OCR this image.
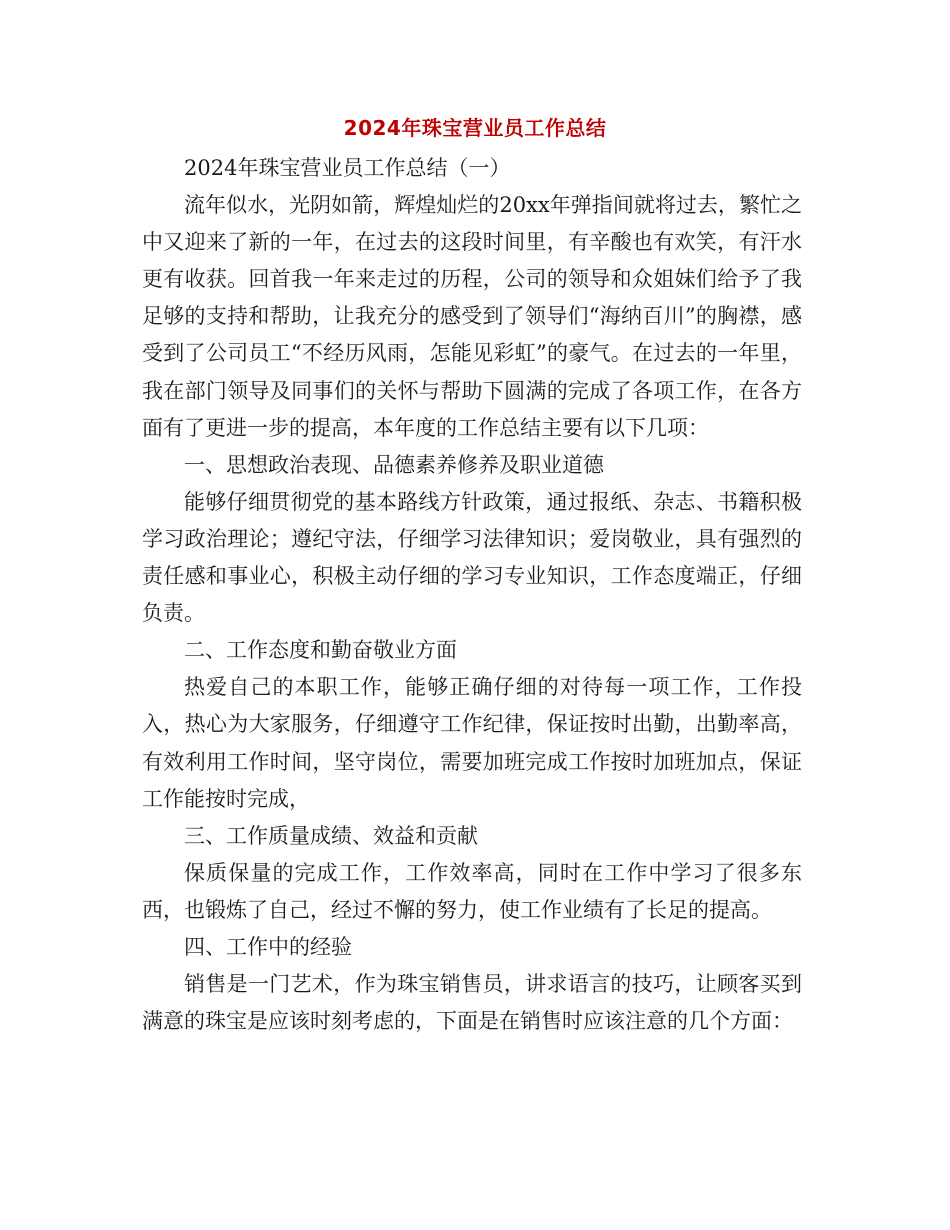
2024年珠宝营业员工作总结

2024年珠宝营业员工作总结（一）

流年似水，光阴如箭，辉煌灿烂的20xx年弹指间就将过去，繁忙之中又迎来了新的一年，在过去的这段时间里，有辛酸也有欢笑，有汗水更有收获。回首我一年来走过的历程，公司的领导和众姐妹们给予了我足够的支持和帮助，让我充分的感受到了领导们“海纳百川”的胸襟，感受到了公司员工“不经历风雨，怎能见彩虹”的豪气。在过去的一年里，我在部门领导及同事们的关怀与帮助下圆满的完成了各项工作，在各方面有了更进一步的提高，本年度的工作总结主要有以下几项：

一、思想政治表现、品德素养修养及职业道德

能够仔细贯彻党的基本路线方针政策，通过报纸、杂志、书籍积极学习政治理论；遵纪守法，仔细学习法律知识；爱岗敬业，具有强烈的责任感和事业心，积极主动仔细的学习专业知识，工作态度端正，仔细负责。

二、工作态度和勤奋敬业方面

热爱自己的本职工作，能够正确仔细的对待每一项工作，工作投入，热心为大家服务，仔细遵守工作纪律，保证按时出勤，出勤率高，有效利用工作时间，坚守岗位，需要加班完成工作按时加班加点，保证工作能按时完成，

三、工作质量成绩、效益和贡献

保质保量的完成工作，工作效率高，同时在工作中学习了很多东西，也锻炼了自己，经过不懈的努力，使工作业绩有了长足的提高。

四、工作中的经验

销售是一门艺术，作为珠宝销售员，讲求语言的技巧，让顾客买到满意的珠宝是应该时刻考虑的，下面是在销售时应该注意的几个方面：
